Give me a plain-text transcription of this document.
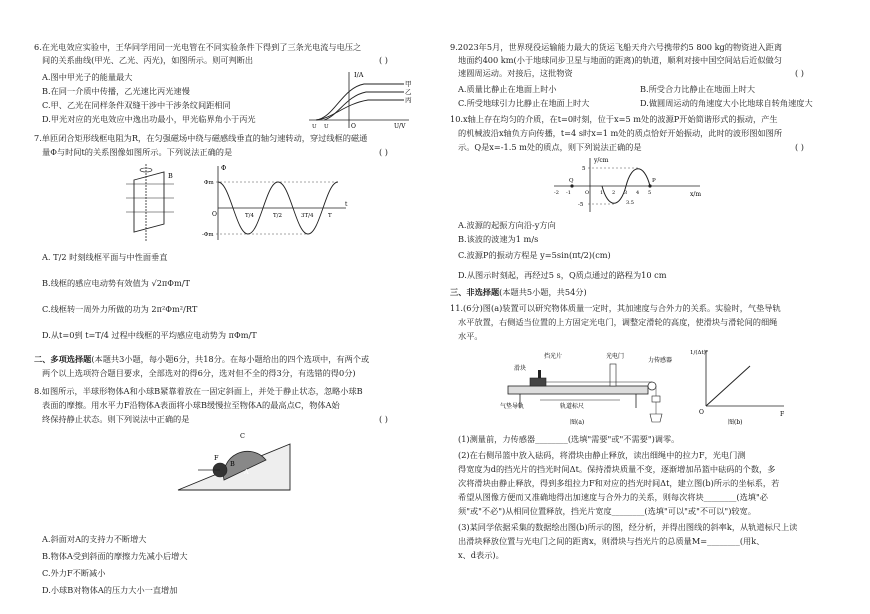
6.在光电效应实验中，王华同学用同一光电管在不同实验条件下得到了三条光电流与电压之
间的关系曲线(甲光、乙光、丙光)，如图所示。则可判断出	( )
A.图中甲光子的能量最大
B.在同一介质中传播，乙光速比丙光速慢
C.甲、乙光在同样条件双缝干涉中干涉条纹间距相同
D.甲光对应的光电效应中逸出功最小，甲光临界角小于丙光
I/A
甲
乙
丙
U U	O	U/V
7.单匝闭合矩形线框电阻为R，在匀强磁场中绕与磁感线垂直的轴匀速转动，穿过线框的磁通
量Φ与时间t的关系图像如图所示。下列说法正确的是	( )
B
Φ
Φm
-Φm
O	T/4	T/2	3T/4	T
t
A. T/2 时刻线框平面与中性面垂直
B.线框的感应电动势有效值为 √2πΦm/T
C.线框转一周外力所做的功为 2π²Φm²/RT
D.从t=0到 t=T/4 过程中线框的平均感应电动势为 πΦm/T
二、多项选择题(本题共3小题，每小题6分，共18分。在每小题给出的四个选项中，有两个或
两个以上选项符合题目要求，全部选对的得6分，选对但不全的得3分，有选错的得0分)
8.如图所示，半球形物体A和小球B紧靠着放在一固定斜面上，并处于静止状态，忽略小球B
表面的摩擦。用水平力F沿物体A表面将小球B缓慢拉至物体A的最高点C，物体A始
终保持静止状态。则下列说法中正确的是	( )
C
F
A
B
A.斜面对A的支持力不断增大
B.物体A受到斜面的摩擦力先减小后增大
C.外力F不断减小
D.小球B对物体A的压力大小一直增加
9.2023年5月，世界现役运输能力最大的货运飞船天舟六号携带约5 800 kg的物资进入距离
地面约400 km(小于地球同步卫星与地面的距离)的轨道，顺利对接中国空间站后近似做匀
速圆周运动。对接后，这批物资	( )
A.质量比静止在地面上时小	B.所受合力比静止在地面上时大
C.所受地球引力比静止在地面上时大	D.做圆周运动的角速度大小比地球自转角速度大
10.x轴上存在均匀的介质，在t=0时刻，位于x=5 m处的波源P开始简谐形式的振动，产生
的机械波沿x轴负方向传播，t=4 s时x=1 m处的质点恰好开始振动，此时的波形图如图所
示。Q是x=-1.5 m处的质点，则下列说法正确的是	( )
y/cm
x/m
5
-5
Q	P
-2 -1	O 1 2 3 4 5
3.5
A.波源的起振方向沿-y方向
B.该波的波速为1 m/s
C.波源P的振动方程是 y=5sin(πt/2)(cm)
D.从图示时刻起，再经过5 s，Q质点通过的路程为10 cm
三、非选择题(本题共5小题，共54分)
11.(6分)图(a)装置可以研究物体质量一定时，其加速度与合外力的关系。实验时，气垫导轨
水平放置，右侧适当位置的上方固定光电门，调整定滑轮的高度，使滑块与滑轮间的细绳
水平。
滑块
挡光片	光电门
力传感器
气垫导轨	轨道标尺
图(a)
1/(Δt)²
F
O
图(b)
(1)测量前，力传感器________(选填"需要"或"不需要")调零。
(2)在右侧吊篮中放入砝码，将滑块由静止释放，读出细绳中的拉力F，光电门测
得宽度为d的挡光片的挡光时间Δt。保持滑块质量不变，逐渐增加吊篮中砝码的个数，多
次将滑块由静止释放，得到多组拉力F和对应的挡光时间Δt，建立图(b)所示的坐标系，若
希望从图像方便而又准确地得出加速度与合外力的关系，则每次将块________(选填"必
须"或"不必")从相同位置释放，挡光片宽度________(选填"可以"或"不可以")较宽。
(3)某同学依据采集的数据绘出图(b)所示的图，经分析，并得出图线的斜率k，从轨道标尺上读
出滑块释放位置与光电门之间的距离x，则滑块与挡光片的总质量M=________(用k、
x、d表示)。
